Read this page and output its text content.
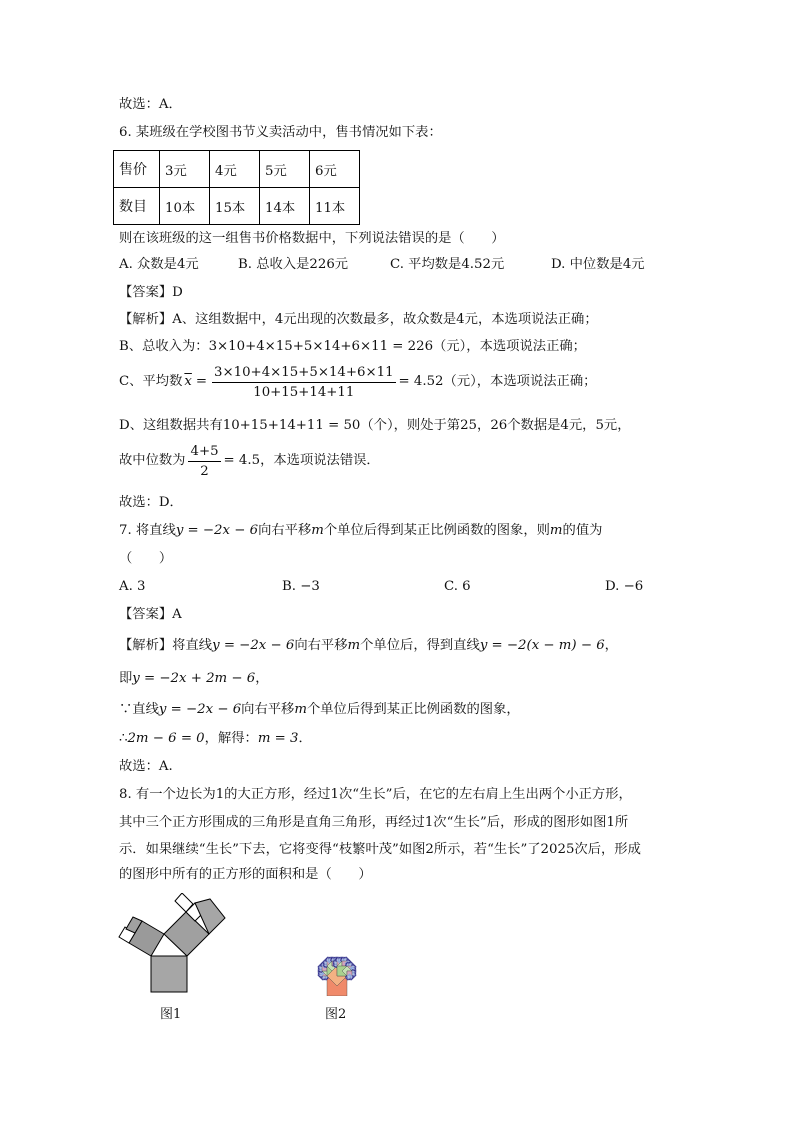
故选：A．
6. 某班级在学校图书节义卖活动中，售书情况如下表：
售价	3元	4元	5元	6元
数目	10本	15本	14本	11本
则在该班级的这一组售书价格数据中，下列说法错误的是（　　）
A. 众数是4元	B. 总收入是226元	C. 平均数是4.52元	D. 中位数是4元
【答案】D
【解析】A、这组数据中，4元出现的次数最多，故众数是4元，本选项说法正确；
B、总收入为：3×10+4×15+5×14+6×11 = 226（元），本选项说法正确；
C、平均数 $\overline{x} = \frac{3\times 10+4\times 15+5\times 14+6\times 11}{10+15+14+11} = 4.52$ （元），本选项说法正确；
D、这组数据共有10+15+14+11 = 50（个），则处于第25，26个数据是4元，5元，
故中位数为 $\frac{4+5}{2} = 4.5$ ，本选项说法错误．
故选：D．
7. 将直线y = −2x − 6向右平移m个单位后得到某正比例函数的图象，则m的值为
（　　）
A. 3	B. −3	C. 6	D. −6
【答案】A
【解析】将直线y = −2x − 6向右平移m个单位后，得到直线y = −2(x − m) − 6，
即y = −2x + 2m − 6，
∵直线y = −2x − 6向右平移m个单位后得到某正比例函数的图象，
∴2m − 6 = 0，解得：m = 3．
故选：A.
8. 有一个边长为1的大正方形，经过1次“生长”后，在它的左右肩上生出两个小正方形，
其中三个正方形围成的三角形是直角三角形，再经过1次“生长”后，形成的图形如图1所
示．如果继续“生长”下去，它将变得“枝繁叶茂”如图2所示，若“生长”了2025次后，形成
的图形中所有的正方形的面积和是（　　）
图1	图2
